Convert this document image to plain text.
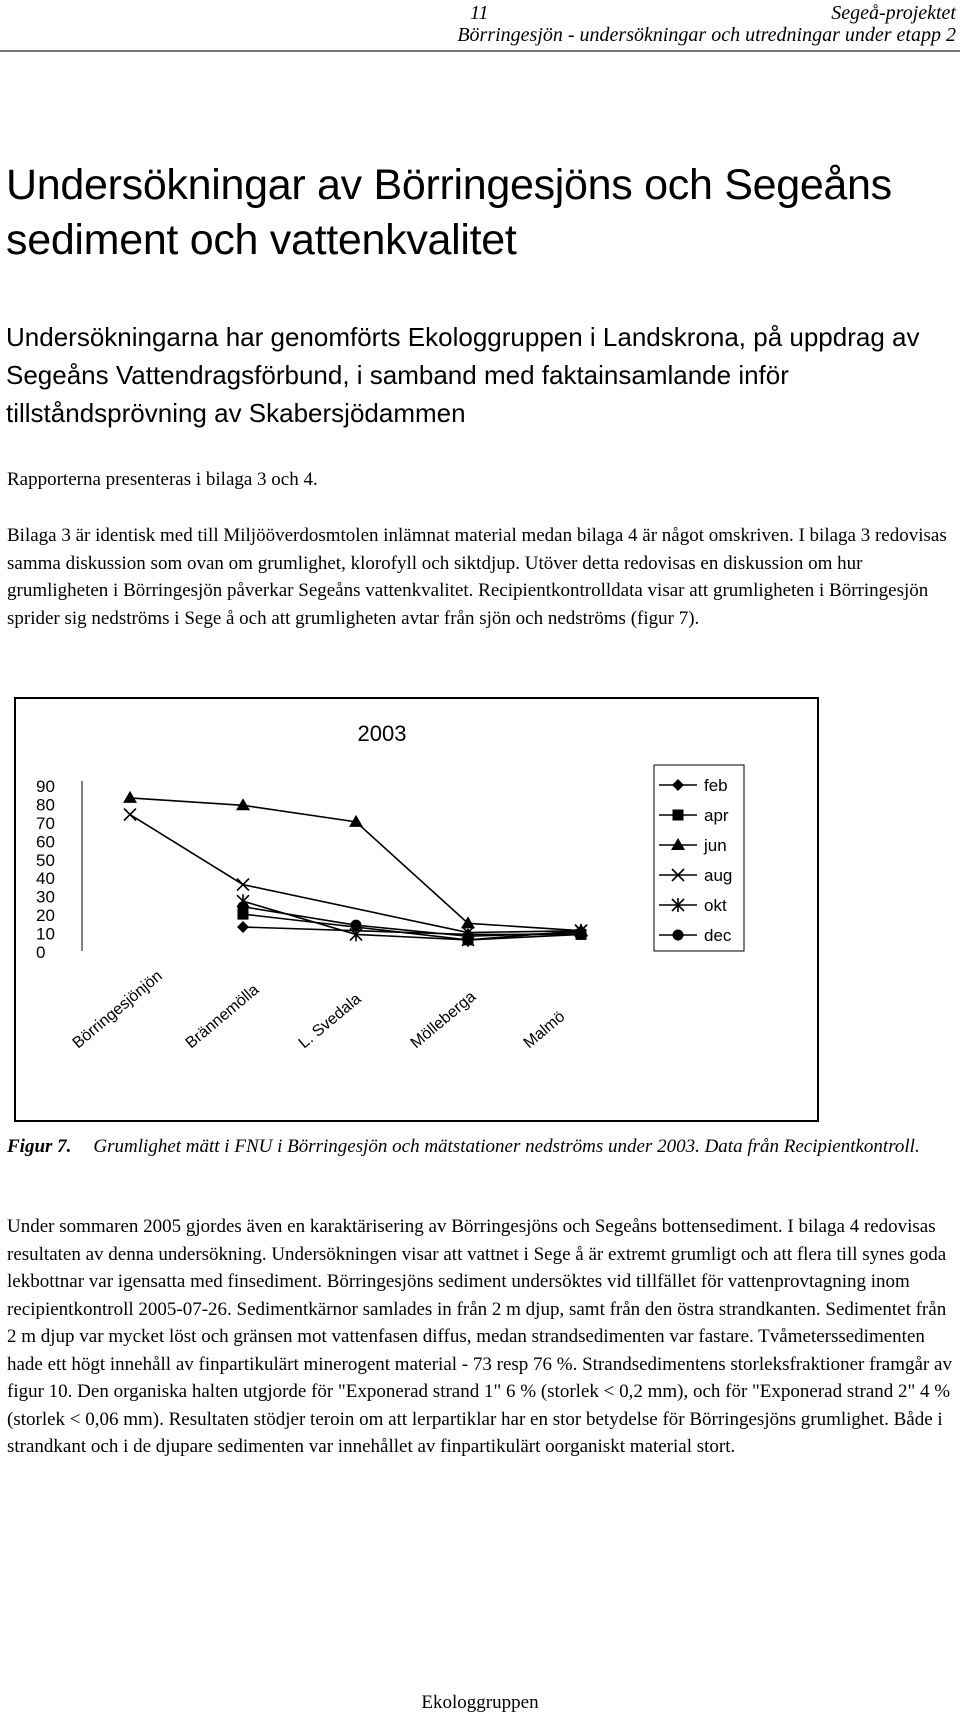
11	Segeå-projektet
Börringesjön - undersökningar och utredningar under etapp 2
Undersökningar av Börringesjöns och Segeåns sediment och vattenkvalitet
Undersökningarna har genomförts Ekologgruppen i Landskrona, på uppdrag av Segeåns Vattendragsförbund, i samband med faktainsamlande inför tillståndsprövning av Skabersjödammen

Rapporterna presenteras i bilaga 3 och 4.

Bilaga 3 är identisk med till Miljööverdosmtolen inlämnat material medan bilaga 4 är något omskriven. I bilaga 3 redovisas samma diskussion som ovan om grumlighet, klorofyll och siktdjup. Utöver detta redovisas en diskussion om hur grumligheten i Börringesjön påverkar Segeåns vattenkvalitet. Recipientkontrolldata visar att grumligheten i Börringesjön sprider sig nedströms i Sege å och att grumligheten avtar från sjön och nedströms (figur 7).

2003
0
10
20
30
40
50
60
70
80
90
Börringesjönjön Brännemölla L. Svedala	Mölleberga	Malmö
feb
apr
jun
aug
okt
dec
Figur 7. Grumlighet mätt i FNU i Börringesjön och mätstationer nedströms under 2003. Data från Recipientkontroll.

Under sommaren 2005 gjordes även en karaktärisering av Börringesjöns och Segeåns bottensediment. I bilaga 4 redovisas resultaten av denna undersökning. Undersökningen visar att vattnet i Sege å är extremt grumligt och att flera till synes goda lekbottnar var igensatta med finsediment. Börringesjöns sediment undersöktes vid tillfället för vattenprovtagning inom recipientkontroll 2005-07-26. Sedimentkärnor samlades in från 2 m djup, samt från den östra strandkanten. Sedimentet från 2 m djup var mycket löst och gränsen mot vattenfasen diffus, medan strandsedimenten var fastare. Tvåmeterssedimenten hade ett högt innehåll av finpartikulärt minerogent material - 73 resp 76 %. Strandsedimentens storleksfraktioner framgår av figur 10. Den organiska halten utgjorde för "Exponerad strand 1" 6 % (storlek < 0,2 mm), och för "Exponerad strand 2" 4 % (storlek < 0,06 mm). Resultaten stödjer teroin om att lerpartiklar har en stor betydelse för Börringesjöns grumlighet. Både i strandkant och i de djupare sedimenten var innehållet av finpartikulärt oorganiskt material stort.

Ekologgruppen
